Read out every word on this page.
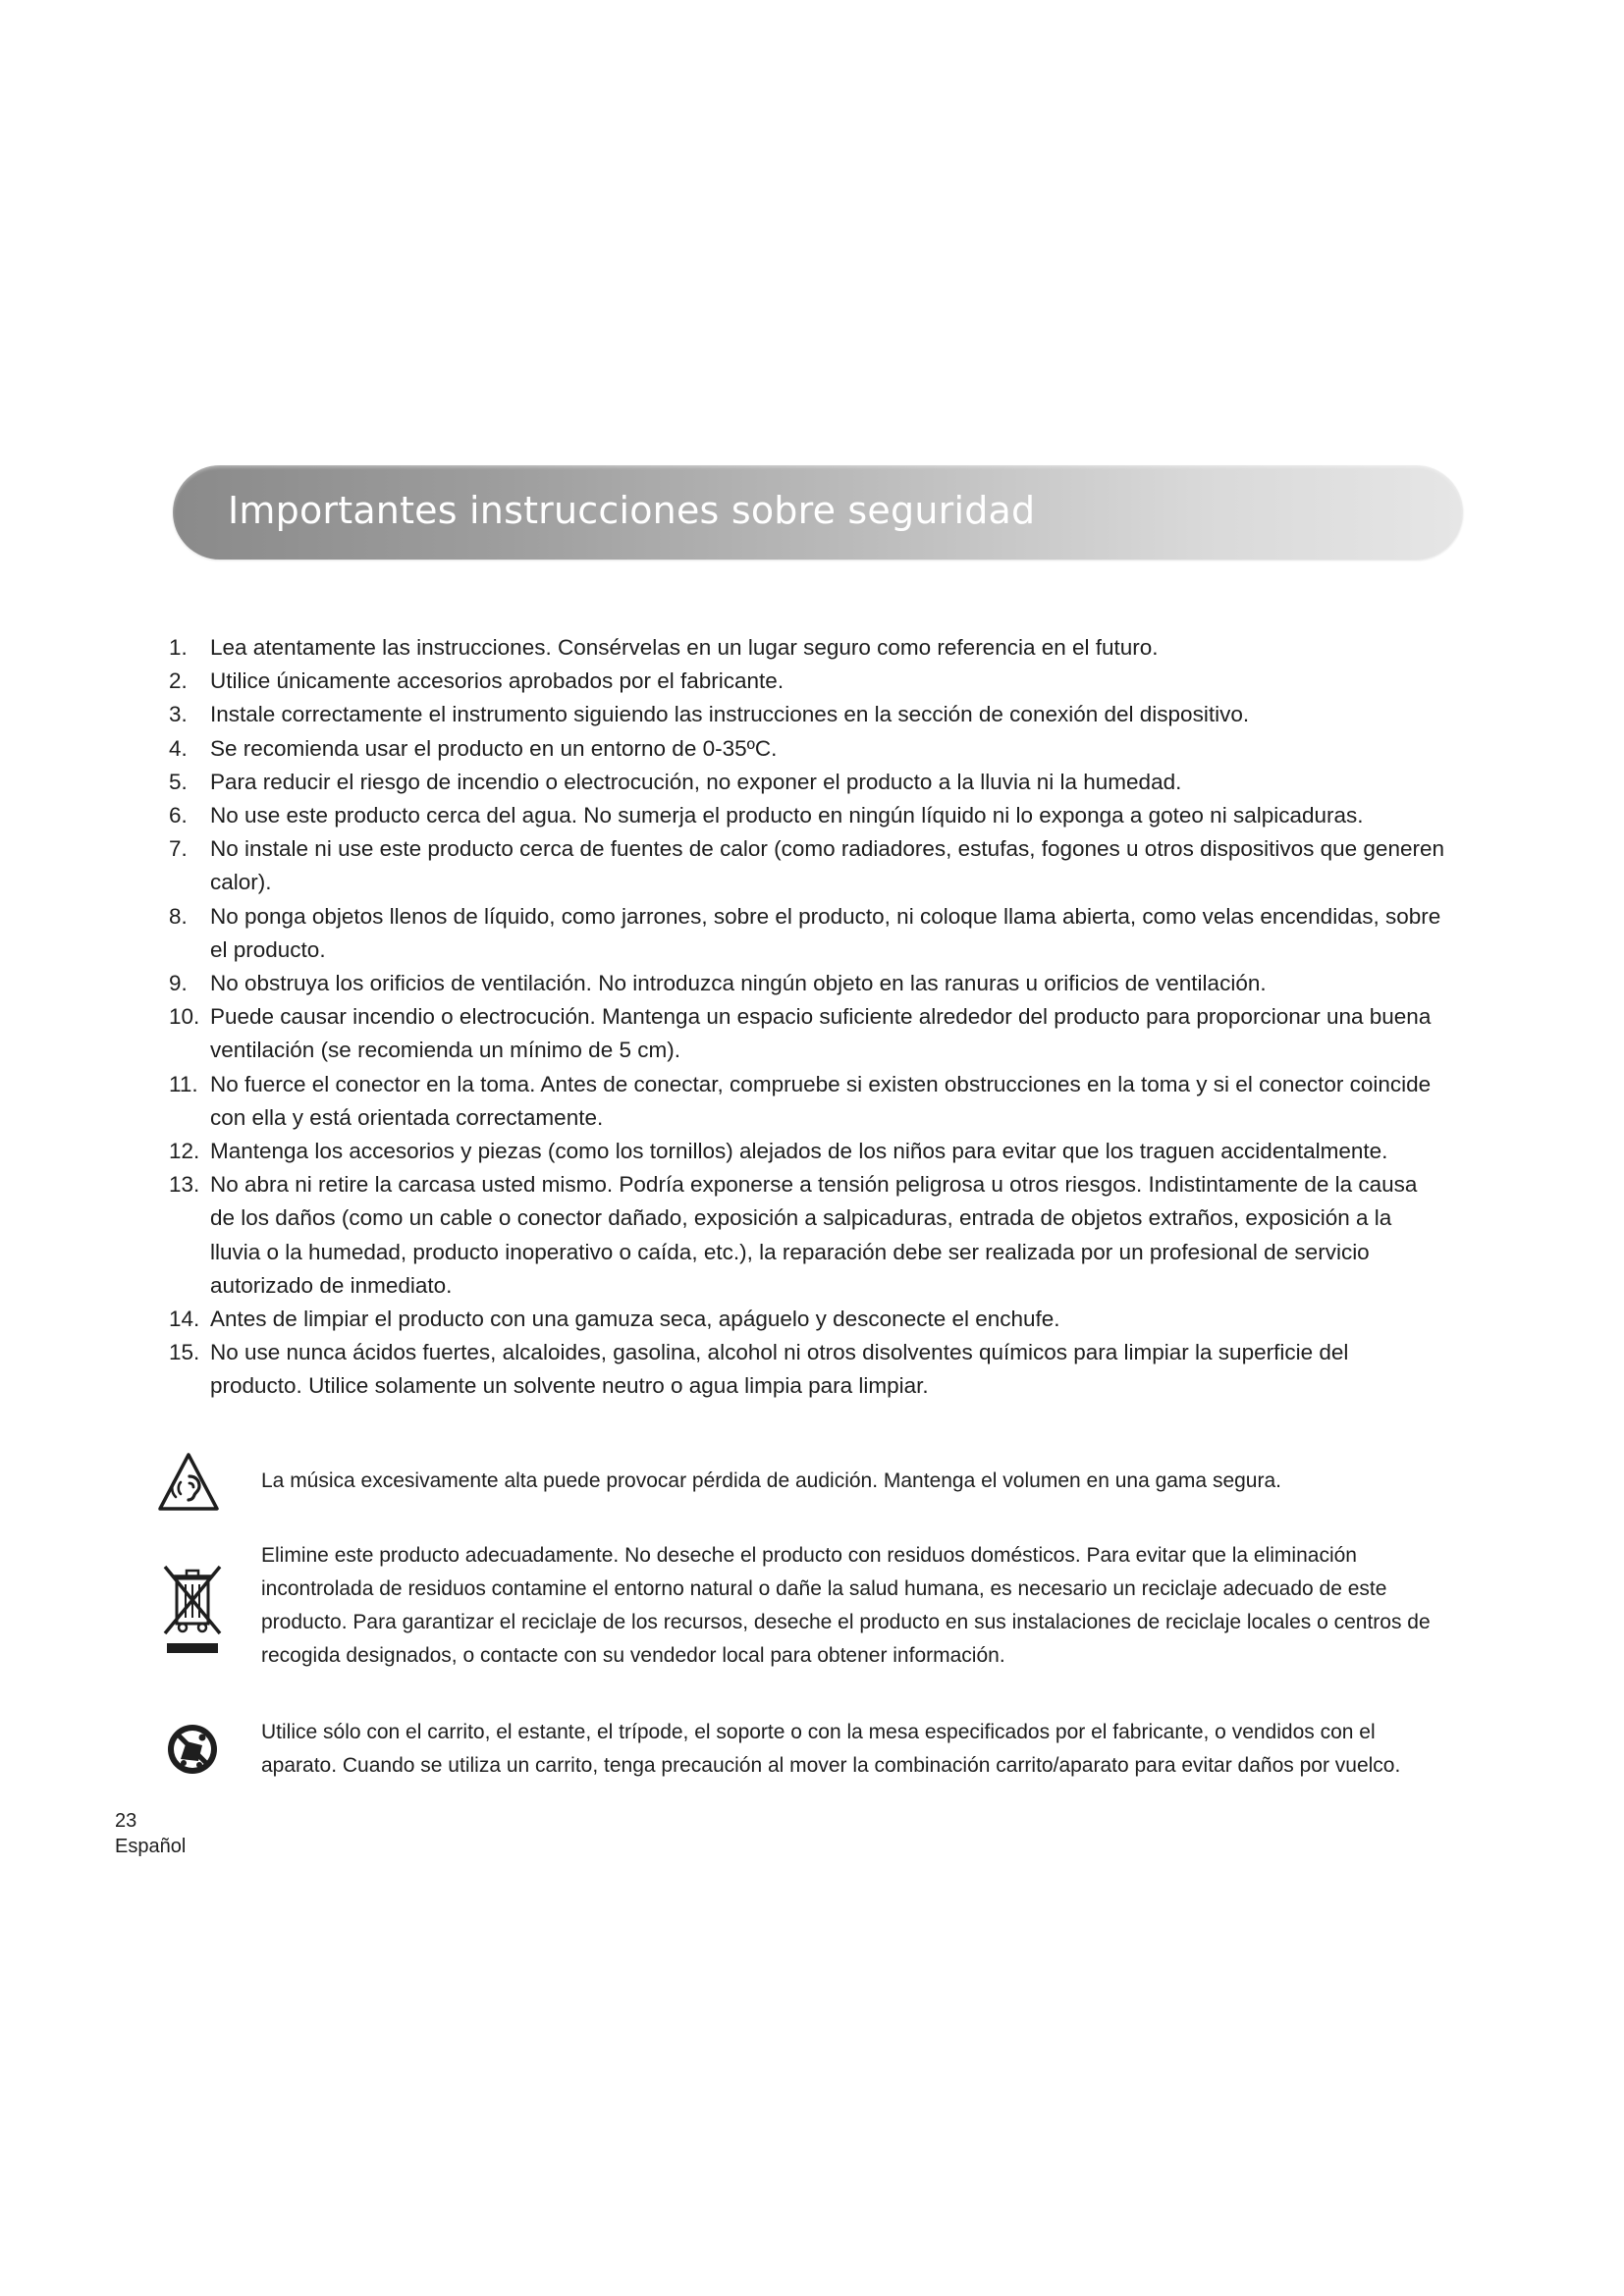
Importantes instrucciones sobre seguridad
1. Lea atentamente las instrucciones. Consérvelas en un lugar seguro como referencia en el futuro.
2. Utilice únicamente accesorios aprobados por el fabricante.
3. Instale correctamente el instrumento siguiendo las instrucciones en la sección de conexión del dispositivo.
4. Se recomienda usar el producto en un entorno de 0-35ºC.
5. Para reducir el riesgo de incendio o electrocución, no exponer el producto a la lluvia ni la humedad.
6. No use este producto cerca del agua. No sumerja el producto en ningún líquido ni lo exponga a goteo ni salpicaduras.
7. No instale ni use este producto cerca de fuentes de calor (como radiadores, estufas, fogones u otros dispositivos que generen calor).
8. No ponga objetos llenos de líquido, como jarrones, sobre el producto, ni coloque llama abierta, como velas encendidas, sobre el producto.
9. No obstruya los orificios de ventilación. No introduzca ningún objeto en las ranuras u orificios de ventilación.
10. Puede causar incendio o electrocución. Mantenga un espacio suficiente alrededor del producto para proporcionar una buena ventilación (se recomienda un mínimo de 5 cm).
11. No fuerce el conector en la toma. Antes de conectar, compruebe si existen obstrucciones en la toma y si el conector coincide con ella y está orientada correctamente.
12. Mantenga los accesorios y piezas (como los tornillos) alejados de los niños para evitar que los traguen accidentalmente.
13. No abra ni retire la carcasa usted mismo. Podría exponerse a tensión peligrosa u otros riesgos. Indistintamente de la causa de los daños (como un cable o conector dañado, exposición a salpicaduras, entrada de objetos extraños, exposición a la lluvia o la humedad, producto inoperativo o caída, etc.), la reparación debe ser realizada por un profesional de servicio autorizado de inmediato.
14. Antes de limpiar el producto con una gamuza seca, apáguelo y desconecte el enchufe.
15. No use nunca ácidos fuertes, alcaloides, gasolina, alcohol ni otros disolventes químicos para limpiar la superficie del producto. Utilice solamente un solvente neutro o agua limpia para limpiar.
La música excesivamente alta puede provocar pérdida de audición. Mantenga el volumen en una gama segura.
Elimine este producto adecuadamente. No deseche el producto con residuos domésticos. Para evitar que la eliminación incontrolada de residuos contamine el entorno natural o dañe la salud humana, es necesario un reciclaje adecuado de este producto. Para garantizar el reciclaje de los recursos, deseche el producto en sus instalaciones de reciclaje locales o centros de recogida designados, o contacte con su vendedor local para obtener información.
Utilice sólo con el carrito, el estante, el trípode, el soporte o con la mesa especificados por el fabricante, o vendidos con el aparato. Cuando se utiliza un carrito, tenga precaución al mover la combinación carrito/aparato para evitar daños por vuelco.
23
Español
